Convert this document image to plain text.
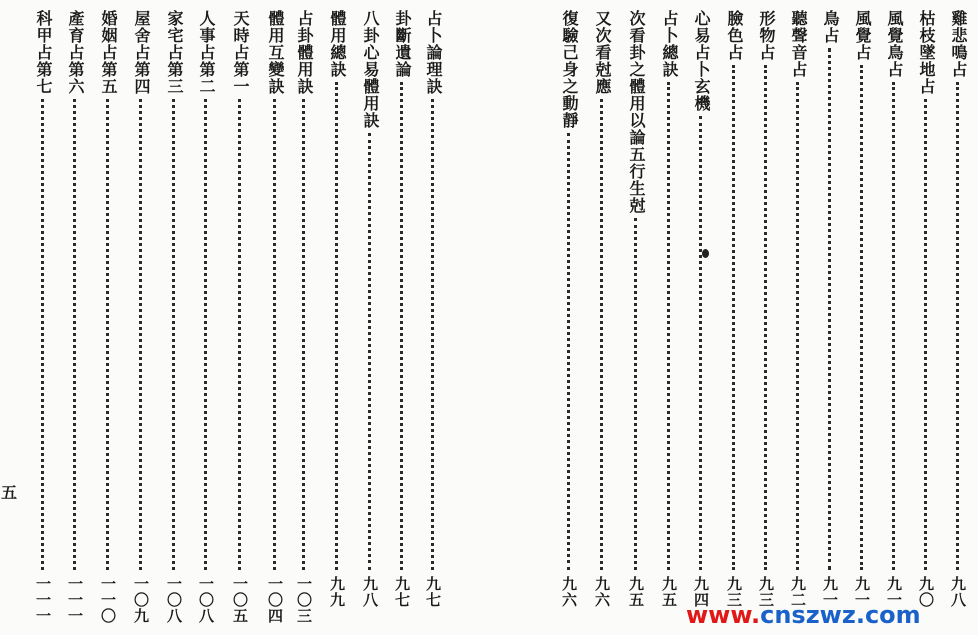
雞悲鳴占
九八
枯枝墜地占
九〇
風覺鳥占
九一
風覺占
九一
鳥占
九一
聽聲音占
九二
形物占
九三
臉色占
九三
心易占卜玄機
九四
占卜總訣
九五
次看卦之體用以論五行生尅
九五
又次看尅應
九六
復驗己身之動靜
九六
占卜論理訣
九七
卦斷遺論
九七
八卦心易體用訣
九八
體用總訣
九九
占卦體用訣
一〇三
體用互變訣
一〇四
天時占第一
一〇五
人事占第二
一〇八
家宅占第三
一〇八
屋舍占第四
一〇九
婚姻占第五
一一〇
產育占第六
一一一
科甲占第七
一一一
五
www.cnszwz.com
